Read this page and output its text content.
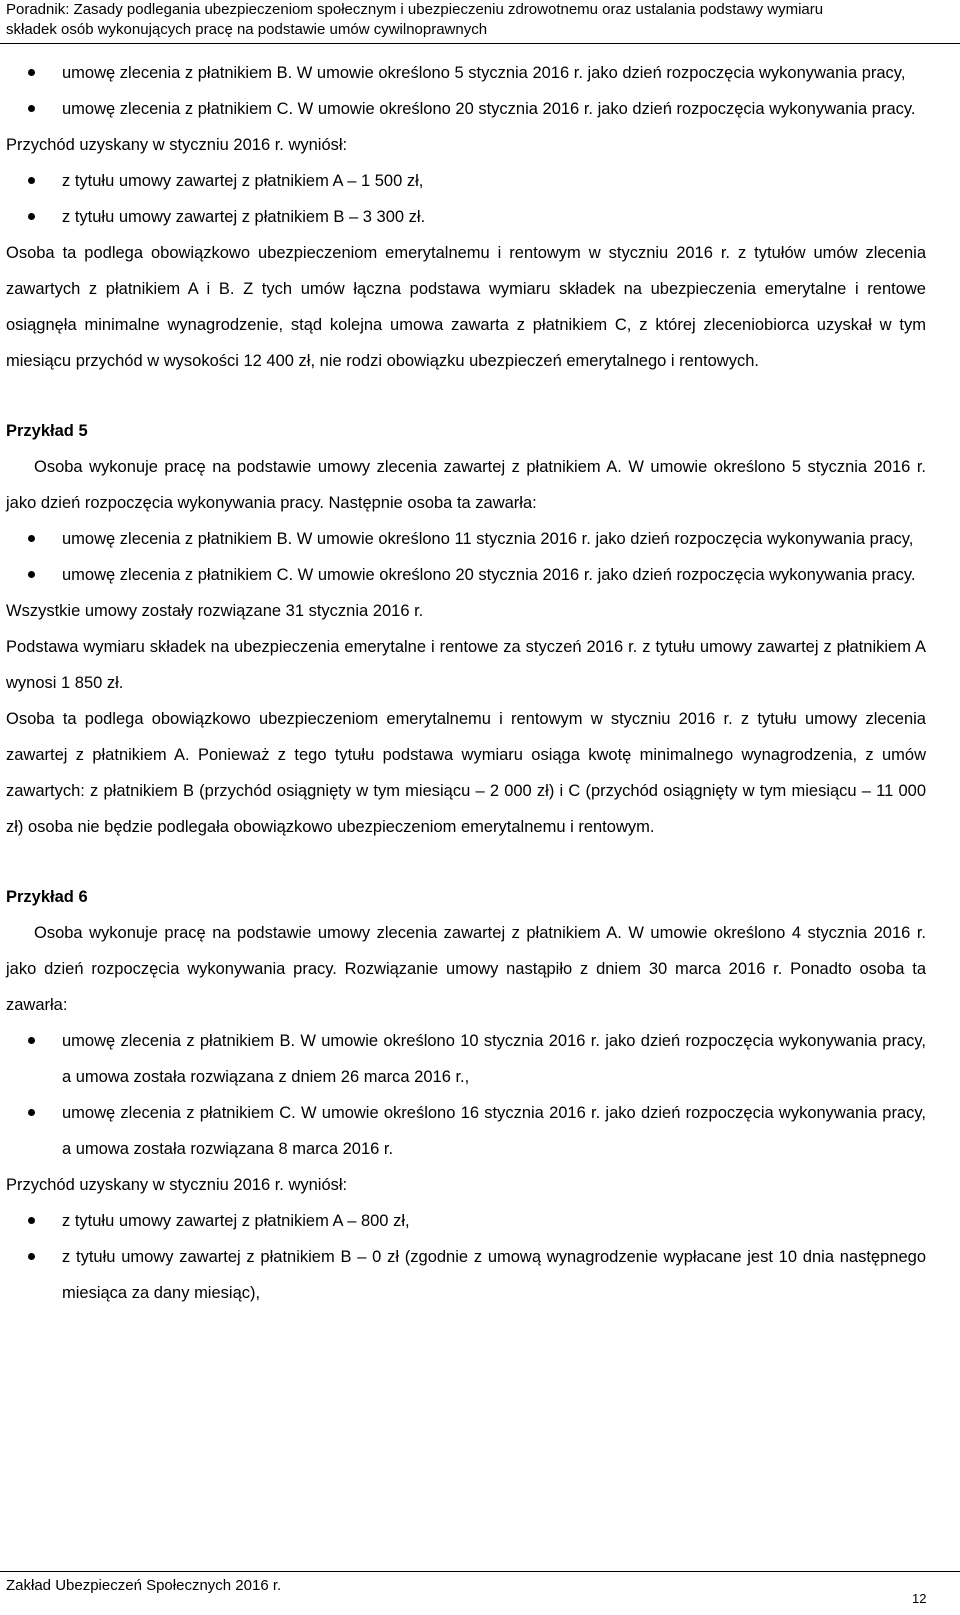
Poradnik: Zasady podlegania ubezpieczeniom społecznym i ubezpieczeniu zdrowotnemu oraz ustalania podstawy wymiaru
składek osób wykonujących pracę na podstawie umów cywilnoprawnych
umowę zlecenia z płatnikiem B. W umowie określono 5 stycznia 2016 r. jako dzień rozpoczęcia wykonywania pracy,
umowę zlecenia z płatnikiem C. W umowie określono 20 stycznia 2016 r. jako dzień rozpoczęcia wykonywania pracy.

Przychód uzyskany w styczniu 2016 r. wyniósł:

z tytułu umowy zawartej z płatnikiem A – 1 500 zł,
z tytułu umowy zawartej z płatnikiem B – 3 300 zł.

Osoba ta podlega obowiązkowo ubezpieczeniom emerytalnemu i rentowym w styczniu 2016 r. z tytułów umów zlecenia zawartych z płatnikiem A i B. Z tych umów łączna podstawa wymiaru składek na ubezpieczenia emerytalne i rentowe osiągnęła minimalne wynagrodzenie, stąd kolejna umowa zawarta z płatnikiem C, z której zleceniobiorca uzyskał w tym miesiącu przychód w wysokości 12 400 zł, nie rodzi obowiązku ubezpieczeń emerytalnego i rentowych.

Przykład 5

Osoba wykonuje pracę na podstawie umowy zlecenia zawartej z płatnikiem A. W umowie określono 5 stycznia 2016 r. jako dzień rozpoczęcia wykonywania pracy. Następnie osoba ta zawarła:

umowę zlecenia z płatnikiem B. W umowie określono 11 stycznia 2016 r. jako dzień rozpoczęcia wykonywania pracy,
umowę zlecenia z płatnikiem C. W umowie określono 20 stycznia 2016 r. jako dzień rozpoczęcia wykonywania pracy.

Wszystkie umowy zostały rozwiązane 31 stycznia 2016 r.

Podstawa wymiaru składek na ubezpieczenia emerytalne i rentowe za styczeń 2016 r. z tytułu umowy zawartej z płatnikiem A wynosi 1 850 zł.

Osoba ta podlega obowiązkowo ubezpieczeniom emerytalnemu i rentowym w styczniu 2016 r. z tytułu umowy zlecenia zawartej z płatnikiem A. Ponieważ z tego tytułu podstawa wymiaru osiąga kwotę minimalnego wynagrodzenia, z umów zawartych: z płatnikiem B (przychód osiągnięty w tym miesiącu – 2 000 zł) i C (przychód osiągnięty w tym miesiącu – 11 000 zł) osoba nie będzie podlegała obowiązkowo ubezpieczeniom emerytalnemu i rentowym.

Przykład 6

Osoba wykonuje pracę na podstawie umowy zlecenia zawartej z płatnikiem A. W umowie określono 4 stycznia 2016 r. jako dzień rozpoczęcia wykonywania pracy. Rozwiązanie umowy nastąpiło z dniem 30 marca 2016 r. Ponadto osoba ta zawarła:

umowę zlecenia z płatnikiem B. W umowie określono 10 stycznia 2016 r. jako dzień rozpoczęcia wykonywania pracy, a umowa została rozwiązana z dniem 26 marca 2016 r.,
umowę zlecenia z płatnikiem C. W umowie określono 16 stycznia 2016 r. jako dzień rozpoczęcia wykonywania pracy, a umowa została rozwiązana 8 marca 2016 r.

Przychód uzyskany w styczniu 2016 r. wyniósł:

z tytułu umowy zawartej z płatnikiem A – 800 zł,
z tytułu umowy zawartej z płatnikiem B – 0 zł (zgodnie z umową wynagrodzenie wypłacane jest 10 dnia następnego miesiąca za dany miesiąc),
Zakład Ubezpieczeń Społecznych 2016 r.
12
